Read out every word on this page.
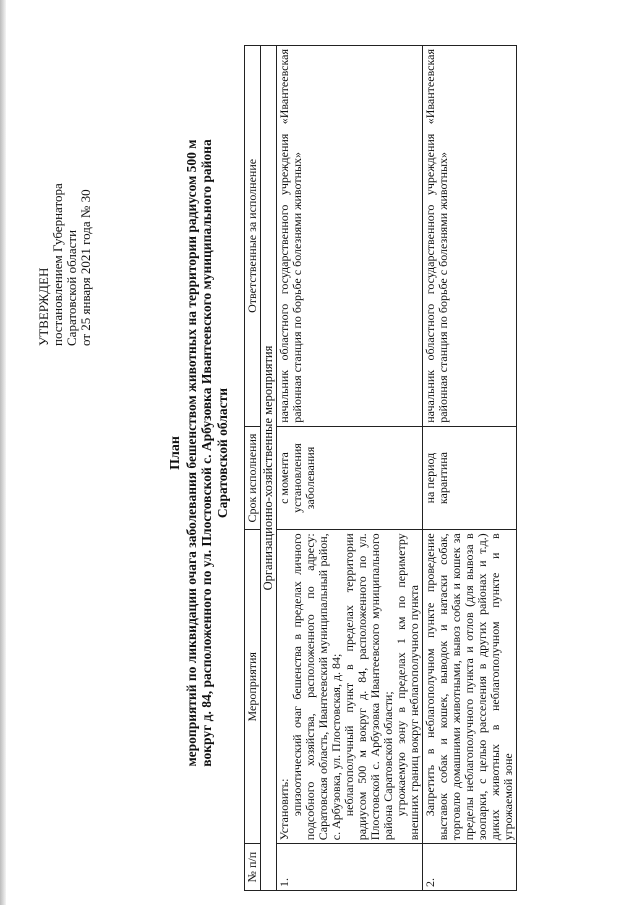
УТВЕРЖДЕН постановлением Губернатора Саратовской области от 25 января 2021 года № 30
План мероприятий по ликвидации очага заболевания бешенством животных на территории радиусом 500 м вокруг д. 84, расположенного по ул. Плостовской с. Арбузовка Ивантеевского муниципального района Саратовской области
№ п/п	Мероприятия	Срок исполнения	Ответственные за исполнение
Организационно-хозяйственные мероприятия			
1.	Установить: эпизоотический очаг бешенства в пределах личного подсобного хозяйства, расположенного по адресу: Саратовская область, Ивантеевский муниципальный район, с. Арбузовка, ул. Плостовская, д. 84; неблагополучный пункт в пределах территории радиусом 500 м вокруг д. 84, расположенного по ул. Плостовской с. Арбузовка Ивантеевского муниципального района Саратовской области; угрожаемую зону в пределах 1 км по периметру внешних границ вокруг неблагополучного пункта	с момента установления заболевания	начальник областного государственного учреждения «Ивантеевская районная станция по борьбе с болезнями животных»
2.	Запретить в неблагополучном пункте проведение выставок собак и кошек, выводок и натаски собак, торговлю домашними животными, вывоз собак и кошек за пределы неблагополучного пункта и отлов (для вывоза в зоопарки, с целью расселения в других районах и т.д.) диких животных в неблагополучном пункте и в угрожаемой зоне	на период карантина	начальник областного государственного учреждения «Ивантеевская районная станция по борьбе с болезнями животных»
